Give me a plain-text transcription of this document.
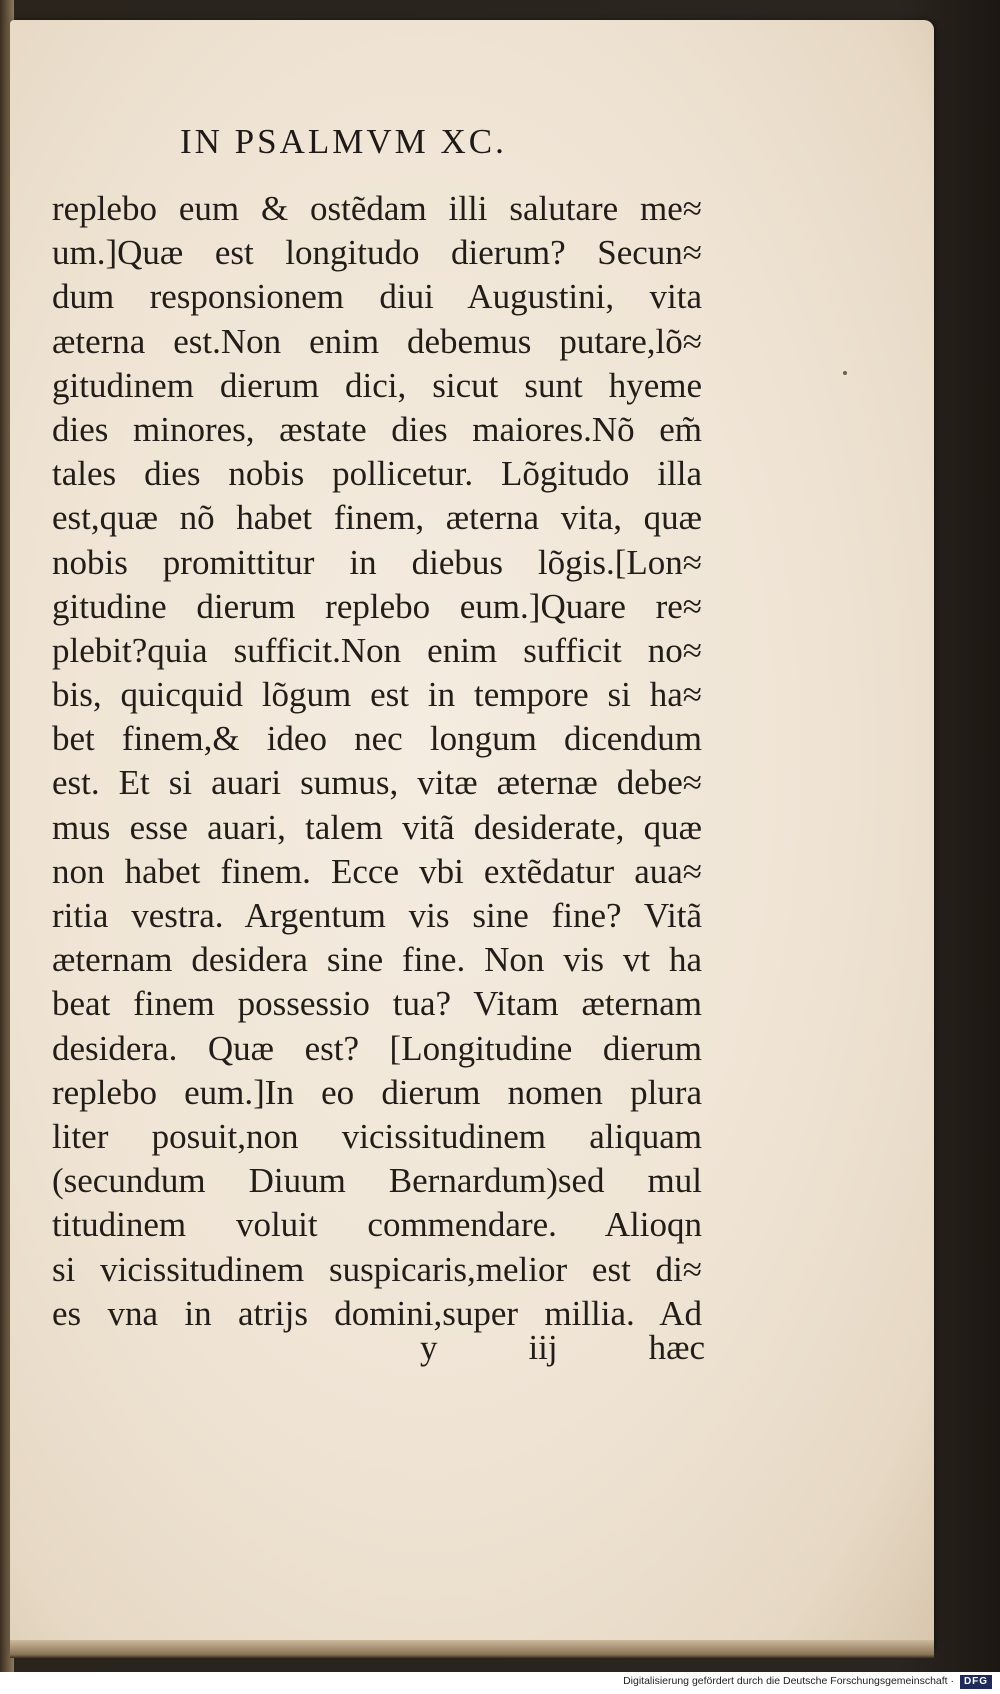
IN PSALMVM XC.
replebo eum & ostẽdam illi salutare me≈
um.]Quæ est longitudo dierum? Secun≈
dum responsionem diui Augustini, vita
æterna est.Non enim debemus putare,lõ≈
gitudinem dierum dici, sicut sunt hyeme
dies minores, æstate dies maiores.Nõ em̃
tales dies nobis pollicetur. Lõgitudo illa
est,quæ nõ habet finem, æterna vita, quæ
nobis promittitur in diebus lõgis.[Lon≈
gitudine dierum replebo eum.]Quare re≈
plebit?quia sufficit.Non enim sufficit no≈
bis, quicquid lõgum est in tempore si ha≈
bet finem,& ideo nec longum dicendum
est. Et si auari sumus, vitæ æternæ debe≈
mus esse auari, talem vitã desiderate, quæ
non habet finem. Ecce vbi extẽdatur aua≈
ritia vestra. Argentum vis sine fine? Vitã
æternam desidera sine fine. Non vis vt ha
beat finem possessio tua? Vitam æternam
desidera. Quæ est? [Longitudine dierum
replebo eum.]In eo dierum nomen plura
liter posuit,non vicissitudinem aliquam
(secundum Diuum Bernardum)sed mul
titudinem voluit commendare. Alioqn
si vicissitudinem suspicaris,melior est di≈
es vna in atrijs domini,super millia. Ad
y	iij	hæc
Digitalisierung gefördert durch die Deutsche Forschungsgemeinschaft · DFG
